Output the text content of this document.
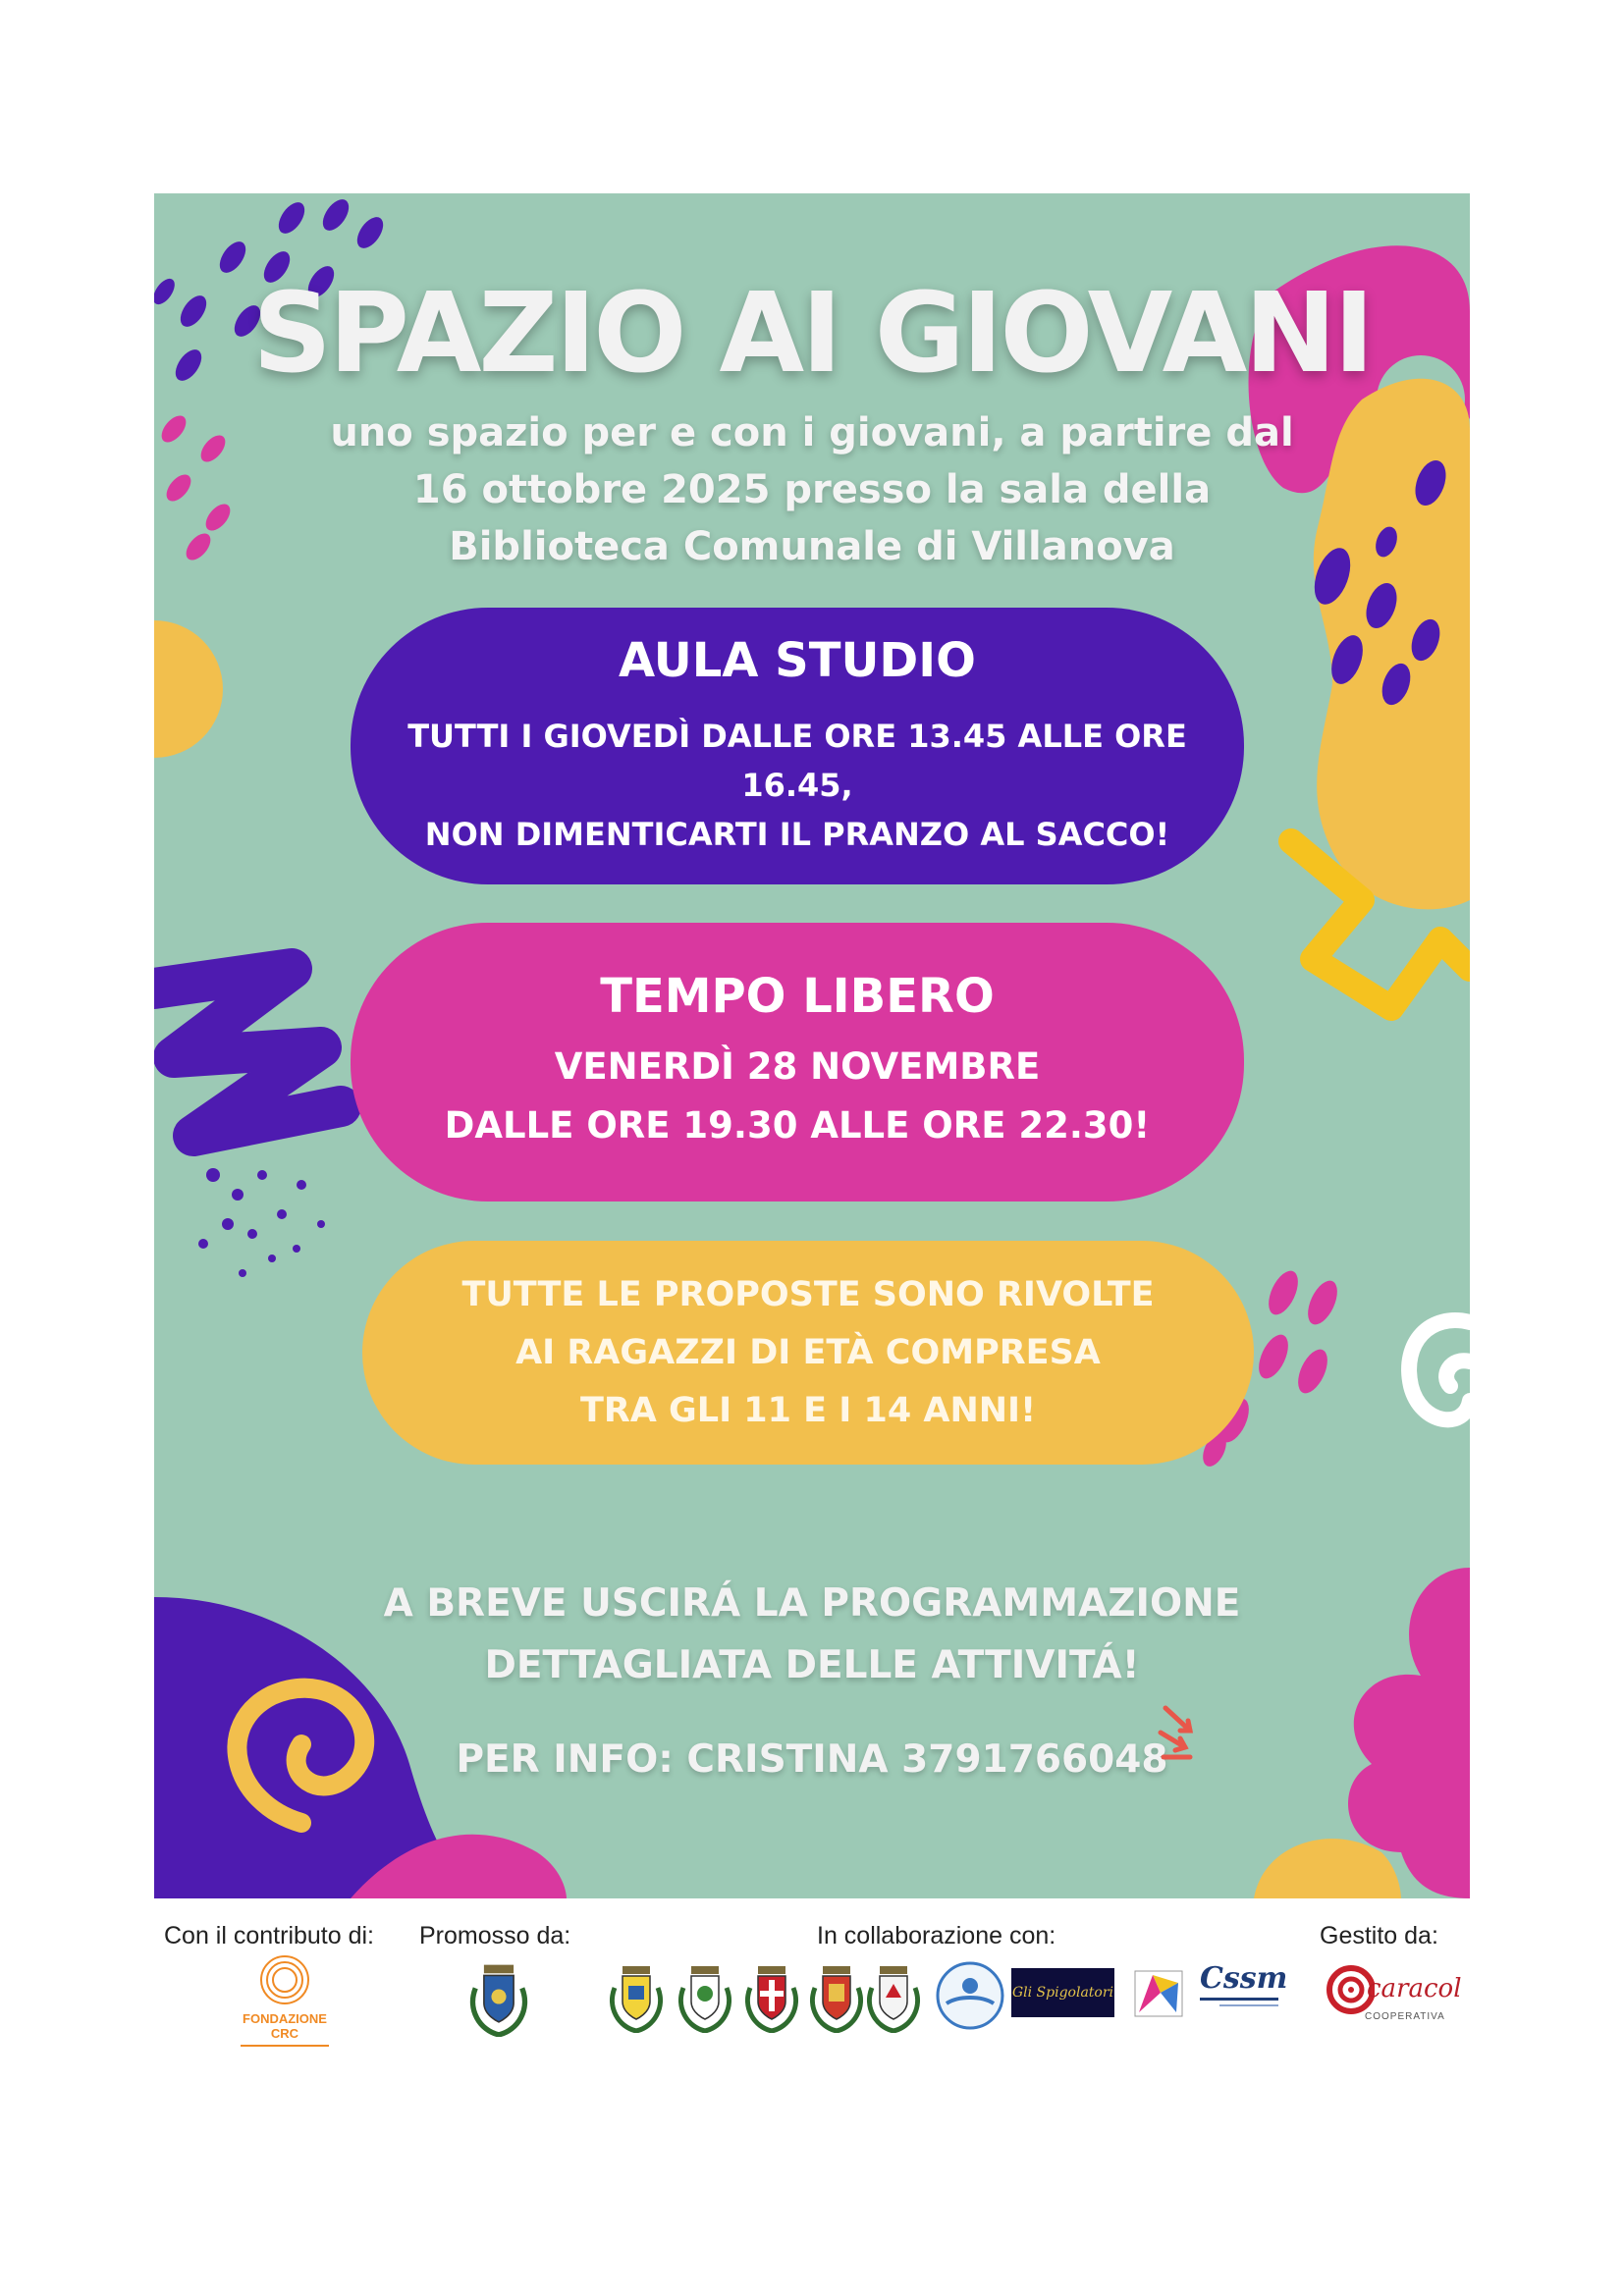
SPAZIO AI GIOVANI
uno spazio per e con i giovani, a partire dal
16 ottobre 2025 presso la sala della
Biblioteca Comunale di Villanova
AULA STUDIO
TUTTI I GIOVEDÌ DALLE ORE 13.45 ALLE ORE 16.45,
NON DIMENTICARTI IL PRANZO AL SACCO!
TEMPO LIBERO
VENERDÌ 28 NOVEMBRE
DALLE ORE 19.30 ALLE ORE 22.30!
TUTTE LE PROPOSTE SONO RIVOLTE
AI RAGAZZI DI ETÀ COMPRESA
TRA GLI 11 E I 14 ANNI!
A BREVE USCIRÁ LA PROGRAMMAZIONE
DETTAGLIATA DELLE ATTIVITÁ!
PER INFO: CRISTINA 3791766048
Con il contributo di: Promosso da:	In collaborazione con:	Gestito da:
FONDAZIONE CRC
Gli Spigolatori	Cssm	caracol
COOPERATIVA
